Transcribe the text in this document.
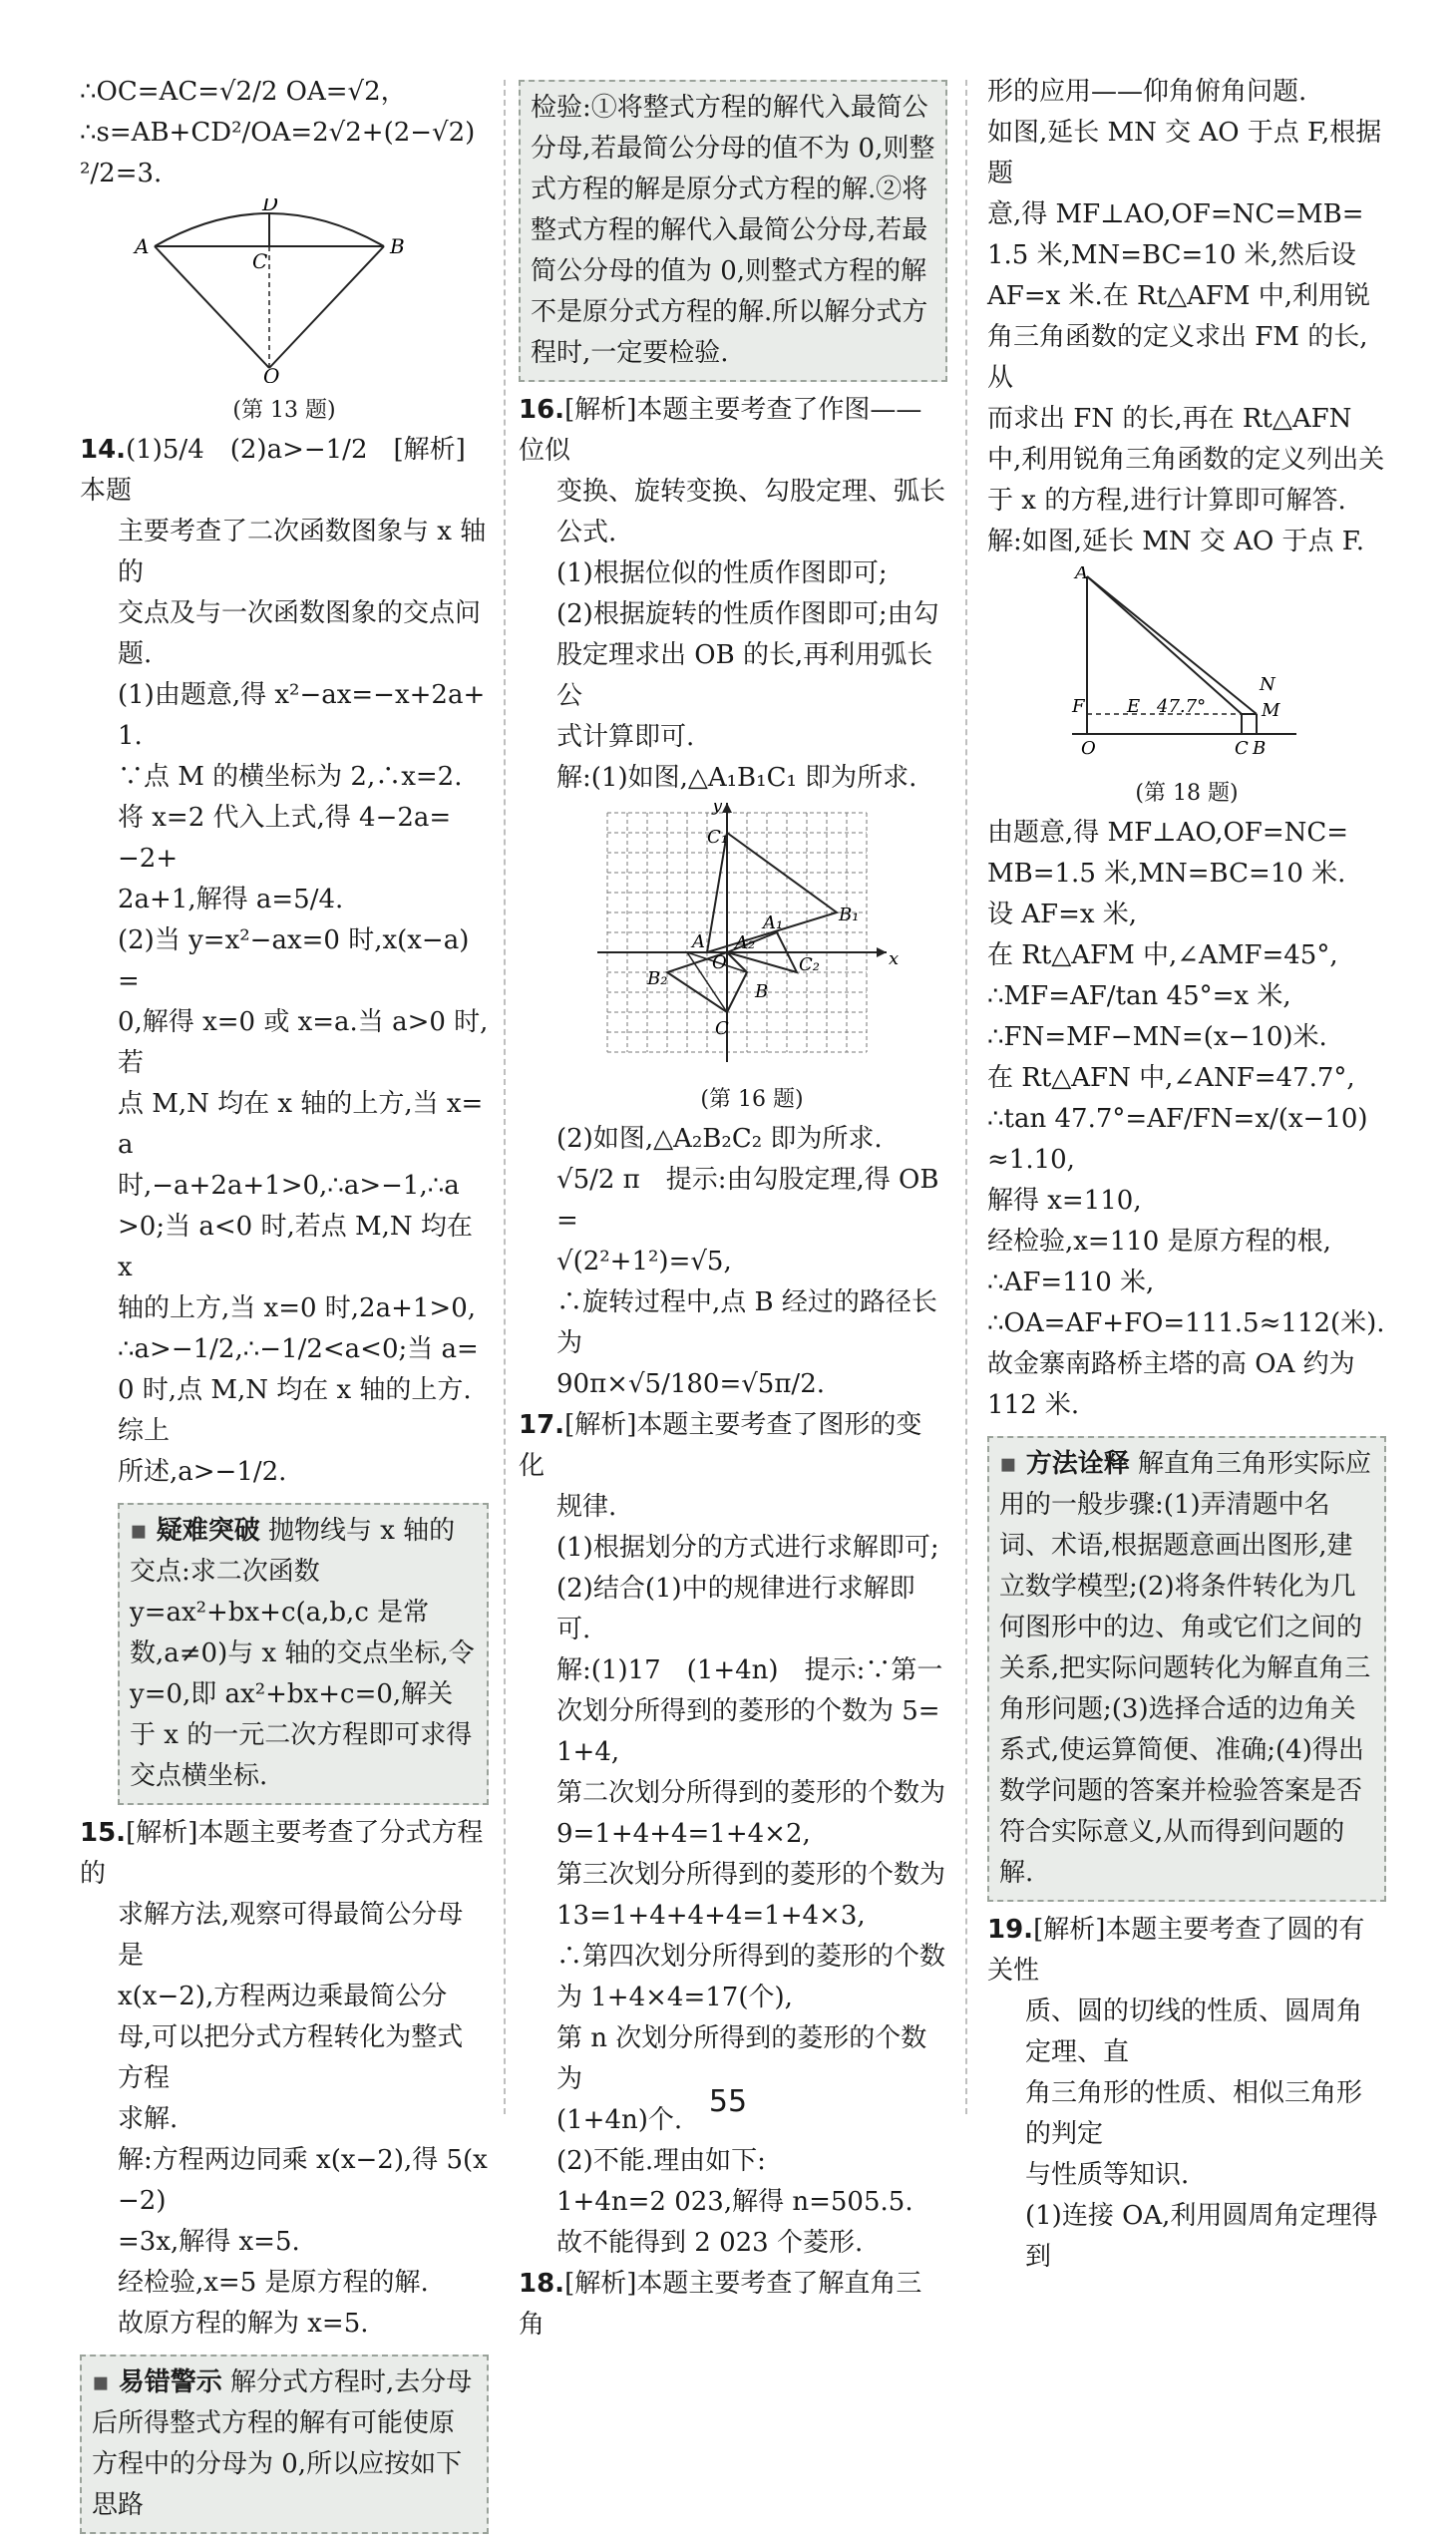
∴OC=AC=√2/2 OA=√2，

∴s=AB+CD²/OA=2√2+(2−√2)²/2=3.

D
A
C
B
O
(第 13 题)

14.(1)5/4　(2)a>−1/2　[解析]本题

主要考查了二次函数图象与 x 轴的

交点及与一次函数图象的交点问题.

(1)由题意,得 x²−ax=−x+2a+1.

∵点 M 的横坐标为 2,∴x=2.

将 x=2 代入上式,得 4−2a=−2+

2a+1,解得 a=5/4.

(2)当 y=x²−ax=0 时,x(x−a)=

0,解得 x=0 或 x=a.当 a>0 时,若

点 M,N 均在 x 轴的上方,当 x=a

时,−a+2a+1>0,∴a>−1,∴a

>0;当 a<0 时,若点 M,N 均在 x

轴的上方,当 x=0 时,2a+1>0,

∴a>−1/2,∴−1/2<a<0;当 a=

0 时,点 M,N 均在 x 轴的上方.综上

所述,a>−1/2.

▪ 疑难突破 抛物线与 x 轴的交点:求二次函数 y=ax²+bx+c(a,b,c 是常数,a≠0)与 x 轴的交点坐标,令 y=0,即 ax²+bx+c=0,解关于 x 的一元二次方程即可求得交点横坐标.

15.[解析]本题主要考查了分式方程的

求解方法,观察可得最简公分母是

x(x−2),方程两边乘最简公分

母,可以把分式方程转化为整式方程

求解.

解:方程两边同乘 x(x−2),得 5(x−2)

=3x,解得 x=5.

经检验,x=5 是原方程的解.

故原方程的解为 x=5.

▪ 易错警示 解分式方程时,去分母后所得整式方程的解有可能使原方程中的分母为 0,所以应按如下思路
检验:①将整式方程的解代入最简公分母,若最简公分母的值不为 0,则整式方程的解是原分式方程的解.②将整式方程的解代入最简公分母,若最简公分母的值为 0,则整式方程的解不是原分式方程的解.所以解分式方程时,一定要检验.

16.[解析]本题主要考查了作图——位似

变换、旋转变换、勾股定理、弧长公式.

(1)根据位似的性质作图即可;

(2)根据旋转的性质作图即可;由勾

股定理求出 OB 的长,再利用弧长公

式计算即可.

解:(1)如图,△A₁B₁C₁ 即为所求.

y
x
O
C₁
B₁
A₁
A
B
C
C₂
B₂
A₂
(第 16 题)

(2)如图,△A₂B₂C₂ 即为所求.

√5/2 π　提示:由勾股定理,得 OB=

√(2²+1²)=√5,

∴旋转过程中,点 B 经过的路径长为

90π×√5/180=√5π/2.

17.[解析]本题主要考查了图形的变化

规律.

(1)根据划分的方式进行求解即可;

(2)结合(1)中的规律进行求解即可.

解:(1)17　(1+4n)　提示:∵第一

次划分所得到的菱形的个数为 5=

1+4,

第二次划分所得到的菱形的个数为

9=1+4+4=1+4×2,

第三次划分所得到的菱形的个数为

13=1+4+4+4=1+4×3,

∴第四次划分所得到的菱形的个数

为 1+4×4=17(个),

第 n 次划分所得到的菱形的个数为

(1+4n)个.

(2)不能.理由如下:

1+4n=2 023,解得 n=505.5.

故不能得到 2 023 个菱形.

18.[解析]本题主要考查了解直角三角

形的应用——仰角俯角问题.

如图,延长 MN 交 AO 于点 F,根据题

意,得 MF⊥AO,OF=NC=MB=

1.5 米,MN=BC=10 米,然后设

AF=x 米.在 Rt△AFM 中,利用锐

角三角函数的定义求出 FM 的长,从

而求出 FN 的长,再在 Rt△AFN

中,利用锐角三角函数的定义列出关

于 x 的方程,进行计算即可解答.

解:如图,延长 MN 交 AO 于点 F.

A
N
F E 47.7°	M
O	C B
(第 18 题)

由题意,得 MF⊥AO,OF=NC=

MB=1.5 米,MN=BC=10 米.

设 AF=x 米,

在 Rt△AFM 中,∠AMF=45°,

∴MF=AF/tan 45°=x 米,

∴FN=MF−MN=(x−10)米.

在 Rt△AFN 中,∠ANF=47.7°,

∴tan 47.7°=AF/FN=x/(x−10)≈1.10,

解得 x=110,

经检验,x=110 是原方程的根,

∴AF=110 米,

∴OA=AF+FO=111.5≈112(米).

故金寨南路桥主塔的高 OA 约为

112 米.

▪ 方法诠释 解直角三角形实际应用的一般步骤:(1)弄清题中名词、术语,根据题意画出图形,建立数学模型;(2)将条件转化为几何图形中的边、角或它们之间的关系,把实际问题转化为解直角三角形问题;(3)选择合适的边角关系式,使运算简便、准确;(4)得出数学问题的答案并检验答案是否符合实际意义,从而得到问题的解.

19.[解析]本题主要考查了圆的有关性

质、圆的切线的性质、圆周角定理、直

角三角形的性质、相似三角形的判定

与性质等知识.

(1)连接 OA,利用圆周角定理得到

55
